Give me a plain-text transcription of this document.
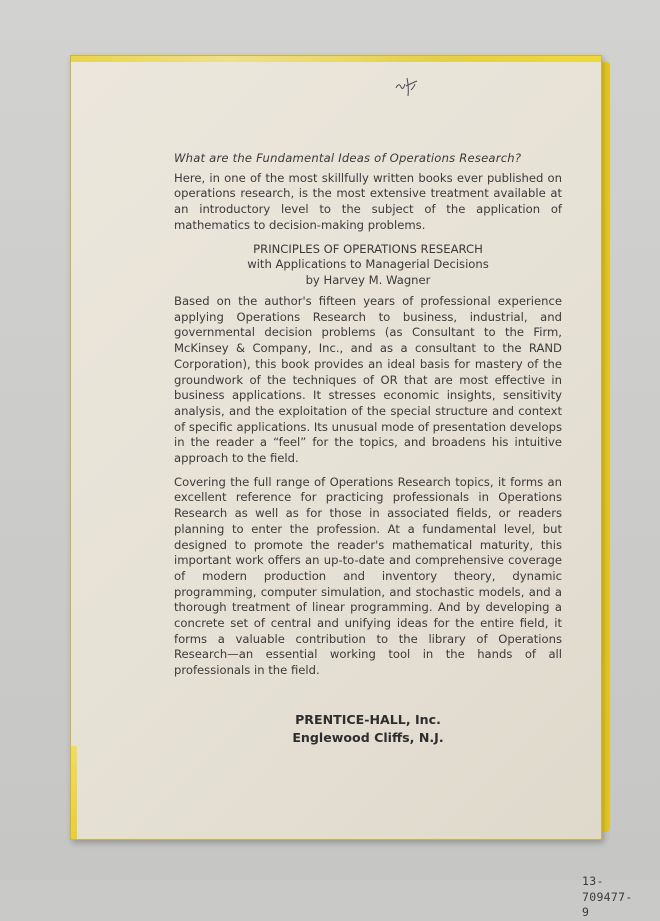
What are the Fundamental Ideas of Operations Research?

Here, in one of the most skillfully written books ever published on operations research, is the most extensive treatment available at an introductory level to the subject of the application of mathematics to decision-making problems.

PRINCIPLES OF OPERATIONS RESEARCH
with Applications to Managerial Decisions
by Harvey M. Wagner

Based on the author's fifteen years of professional experience applying Operations Research to business, industrial, and governmental decision problems (as Consultant to the Firm, McKinsey & Company, Inc., and as a consultant to the RAND Corporation), this book provides an ideal basis for mastery of the groundwork of the techniques of OR that are most effective in business applications. It stresses economic insights, sensitivity analysis, and the exploitation of the special structure and context of specific applications. Its unusual mode of presentation develops in the reader a “feel” for the topics, and broadens his intuitive approach to the field.

Covering the full range of Operations Research topics, it forms an excellent reference for practicing professionals in Operations Research as well as for those in associated fields, or readers planning to enter the profession. At a fundamental level, but designed to promote the reader's mathematical maturity, this important work offers an up-to-date and comprehensive coverage of modern production and inventory theory, dynamic programming, computer simulation, and stochastic models, and a thorough treatment of linear programming. And by developing a concrete set of central and unifying ideas for the entire field, it forms a valuable contribution to the library of Operations Research—an essential working tool in the hands of all professionals in the field.

PRENTICE-HALL, Inc.
Englewood Cliffs, N.J.
13-709477-9
